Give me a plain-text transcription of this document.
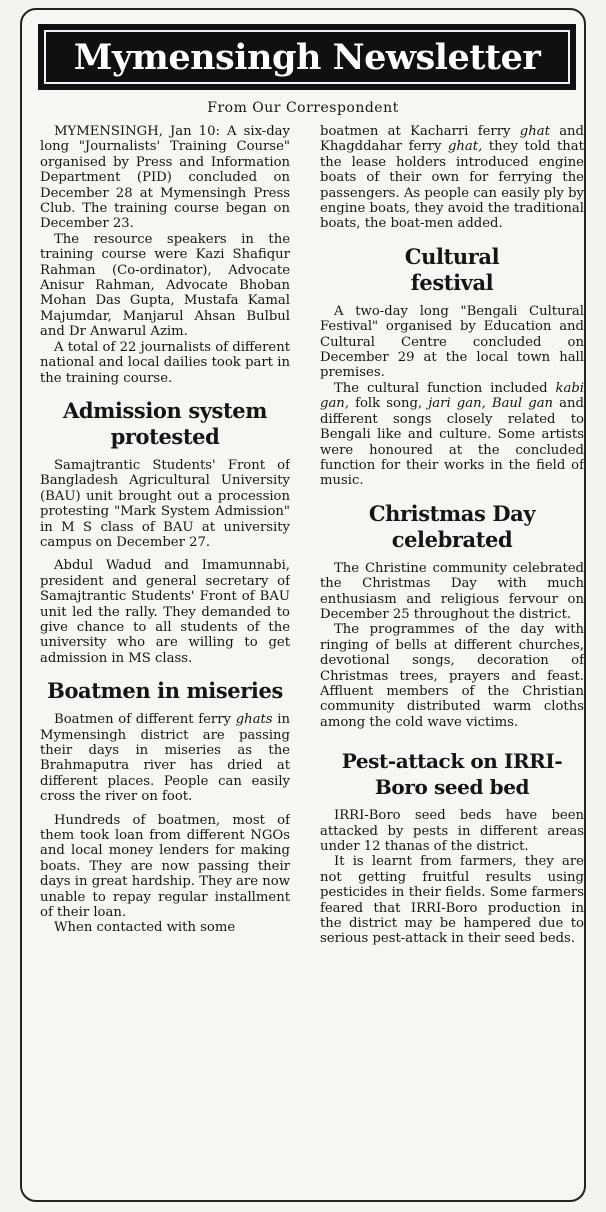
Mymensingh Newsletter
From Our Correspondent

MYMENSINGH, Jan 10: A six-day long "Journalists' Training Course" organised by Press and Information Department (PID) concluded on December 28 at Mymensingh Press Club. The training course began on December 23.

The resource speakers in the training course were Kazi Shafiqur Rahman (Co-ordinator), Advocate Anisur Rahman, Advocate Bhoban Mohan Das Gupta, Mustafa Kamal Majumdar, Manjarul Ahsan Bulbul and Dr Anwarul Azim.

A total of 22 journalists of different national and local dailies took part in the training course.

Admission system protested

Samajtrantic Students' Front of Bangladesh Agricultural University (BAU) unit brought out a procession protesting "Mark System Admission" in M S class of BAU at university campus on December 27.

Abdul Wadud and Imamunnabi, president and general secretary of Samajtrantic Students' Front of BAU unit led the rally. They demanded to give chance to all students of the university who are willing to get admission in MS class.

Boatmen in miseries

Boatmen of different ferry ghats in Mymensingh district are passing their days in miseries as the Brahmaputra river has dried at different places. People can easily cross the river on foot.

Hundreds of boatmen, most of them took loan from different NGOs and local money lenders for making boats. They are now passing their days in great hardship. They are now unable to repay regular installment of their loan.

When contacted with some

boatmen at Kacharri ferry ghat and Khagddahar ferry ghat, they told that the lease holders introduced engine boats of their own for ferrying the passengers. As people can easily ply by engine boats, they avoid the traditional boats, the boat-men added.

Cultural festival

A two-day long "Bengali Cultural Festival" organised by Education and Cultural Centre concluded on December 29 at the local town hall premises.

The cultural function included kabi gan, folk song, jari gan, Baul gan and different songs closely related to Bengali like and culture. Some artists were honoured at the concluded function for their works in the field of music.

Christmas Day celebrated

The Christine community celebrated the Christmas Day with much enthusiasm and religious fervour on December 25 throughout the district.

The programmes of the day with ringing of bells at different churches, devotional songs, decoration of Christmas trees, prayers and feast. Affluent members of the Christian community distributed warm cloths among the cold wave victims.

Pest-attack on IRRI-Boro seed bed

IRRI-Boro seed beds have been attacked by pests in different areas under 12 thanas of the district.

It is learnt from farmers, they are not getting fruitful results using pesticides in their fields. Some farmers feared that IRRI-Boro production in the district may be hampered due to serious pest-attack in their seed beds.
